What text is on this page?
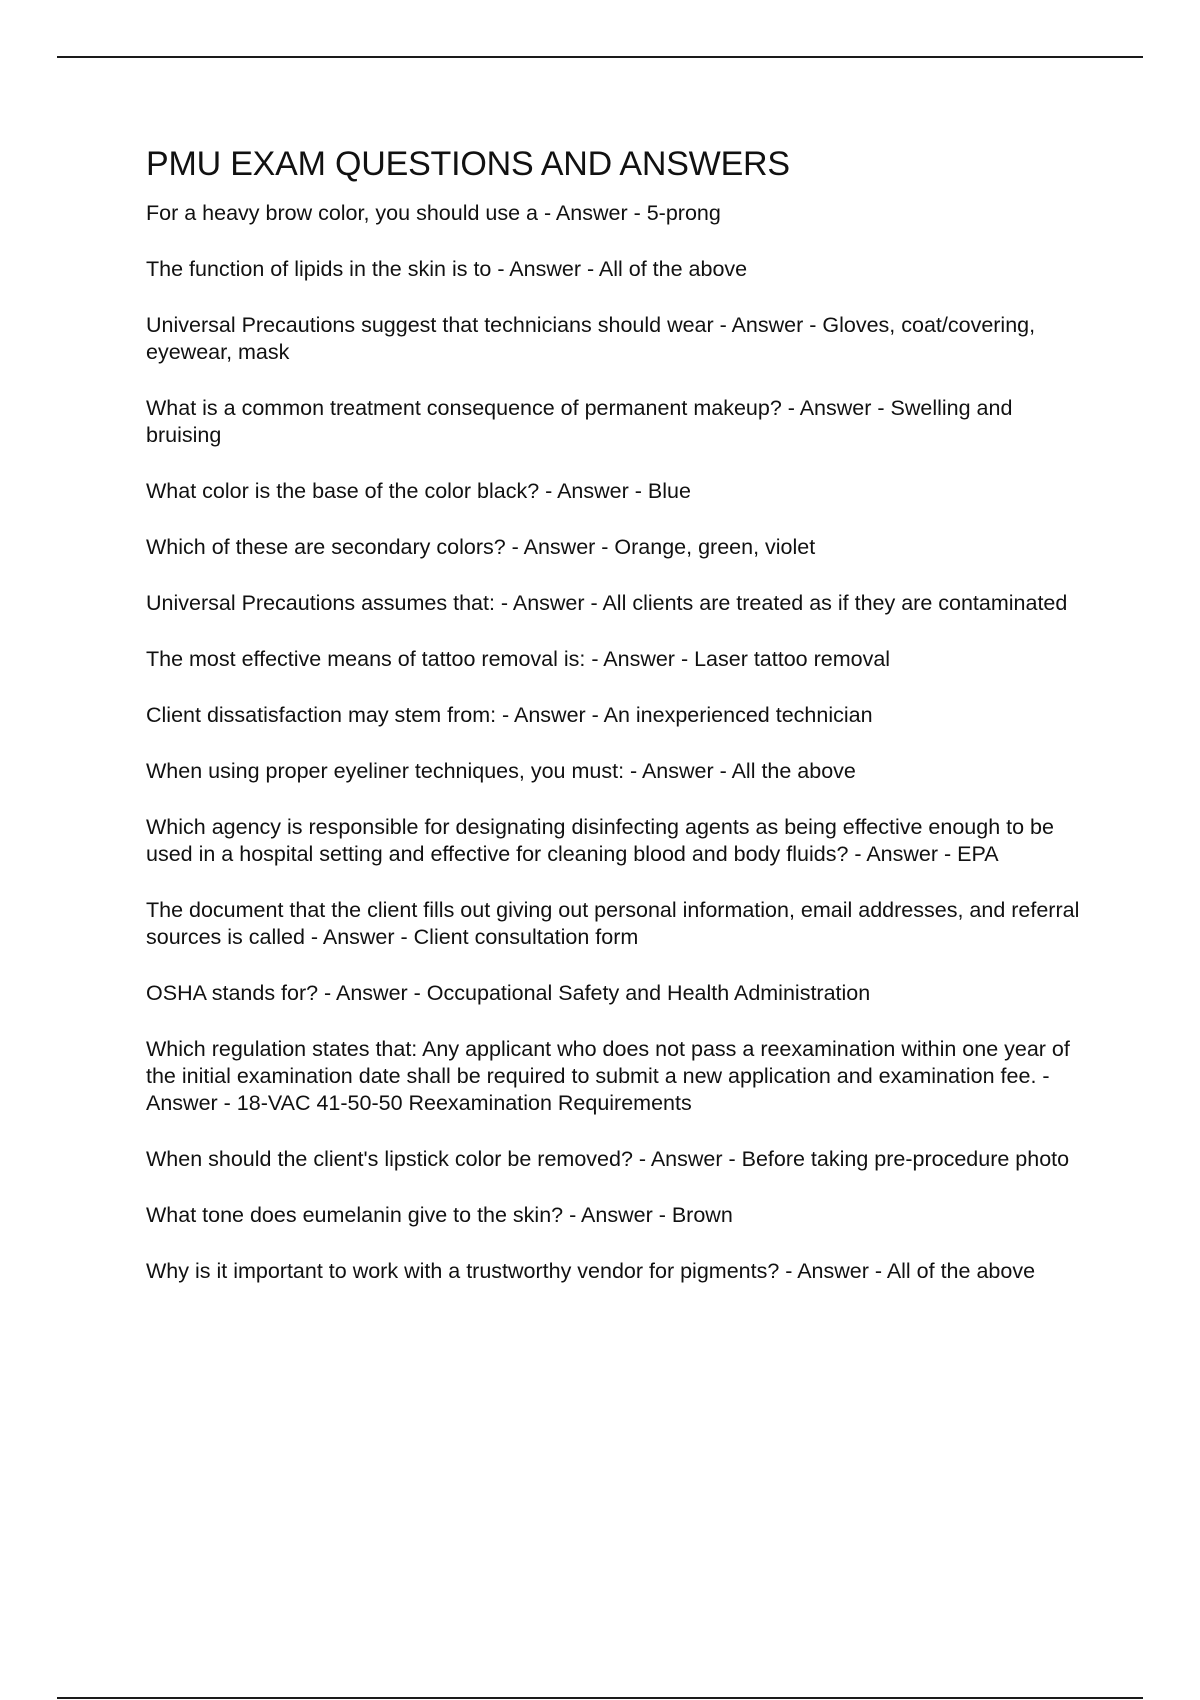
PMU EXAM QUESTIONS AND ANSWERS
For a heavy brow color, you should use a - Answer - 5-prong
The function of lipids in the skin is to - Answer - All of the above
Universal Precautions suggest that technicians should wear - Answer - Gloves, coat/covering, eyewear, mask
What is a common treatment consequence of permanent makeup? - Answer - Swelling and bruising
What color is the base of the color black? - Answer - Blue
Which of these are secondary colors? - Answer - Orange, green, violet
Universal Precautions assumes that: - Answer - All clients are treated as if they are contaminated
The most effective means of tattoo removal is: - Answer - Laser tattoo removal
Client dissatisfaction may stem from: - Answer - An inexperienced technician
When using proper eyeliner techniques, you must: - Answer - All the above
Which agency is responsible for designating disinfecting agents as being effective enough to be used in a hospital setting and effective for cleaning blood and body fluids? - Answer - EPA
The document that the client fills out giving out personal information, email addresses, and referral sources is called - Answer - Client consultation form
OSHA stands for? - Answer - Occupational Safety and Health Administration
Which regulation states that: Any applicant who does not pass a reexamination within one year of the initial examination date shall be required to submit a new application and examination fee. - Answer - 18-VAC 41-50-50 Reexamination Requirements
When should the client's lipstick color be removed? - Answer - Before taking pre-procedure photo
What tone does eumelanin give to the skin? - Answer - Brown
Why is it important to work with a trustworthy vendor for pigments? - Answer - All of the above
